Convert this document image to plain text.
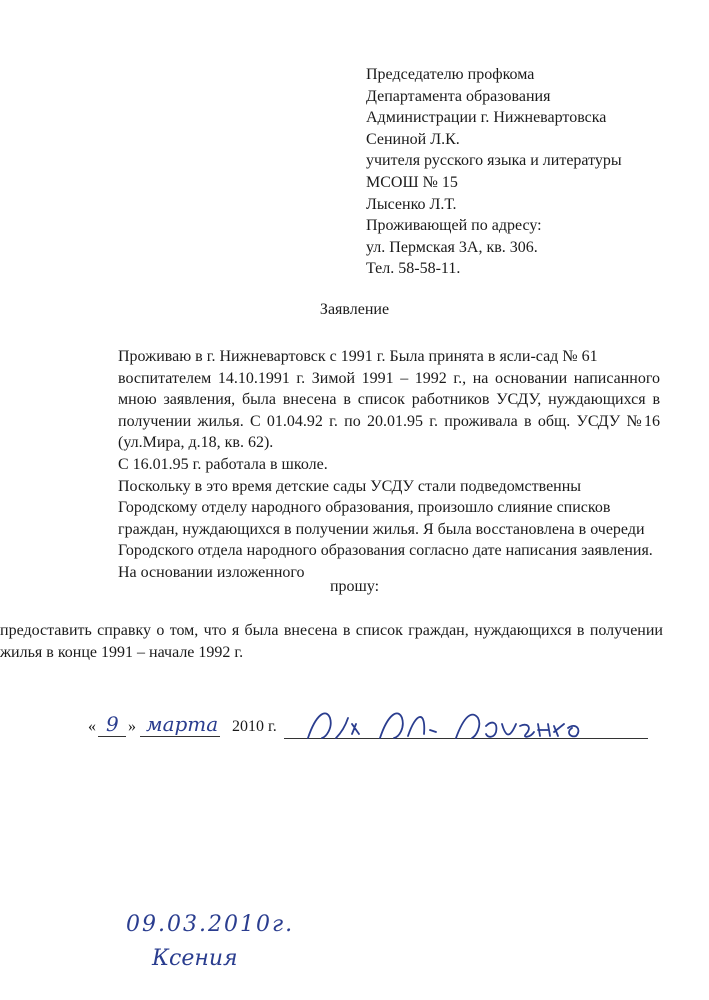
Председателю профкома
Департамента образования
Администрации г. Нижневартовска
Сениной Л.К.
учителя русского языка и литературы
МСОШ № 15
Лысенко Л.Т.
Проживающей по адресу:
ул. Пермская 3А, кв. 306.
Тел. 58-58-11.
Заявление

Проживаю в г. Нижневартовск с 1991 г. Была принята в ясли-сад № 61

воспитателем 14.10.1991 г. Зимой 1991 – 1992 г., на основании написанного мною заявления, была внесена в список работников УСДУ, нуждающихся в получении жилья. С 01.04.92 г. по 20.01.95 г. проживала в общ. УСДУ №16 (ул.Мира, д.18, кв. 62).

С 16.01.95 г. работала в школе.

Поскольку в это время детские сады УСДУ стали подведомственны

Городскому отделу народного образования, произошло слияние списков граждан, нуждающихся в получении жилья. Я была восстановлена в очереди Городского отдела народного образования согласно дате написания заявления. На основании изложенного

прошу:
предоставить справку о том, что я была внесена в список граждан, нуждающихся в получении жилья в конце 1991 – начале 1992 г.
« 9 » марта 2010 г.
09.03.2010г.
Ксения
